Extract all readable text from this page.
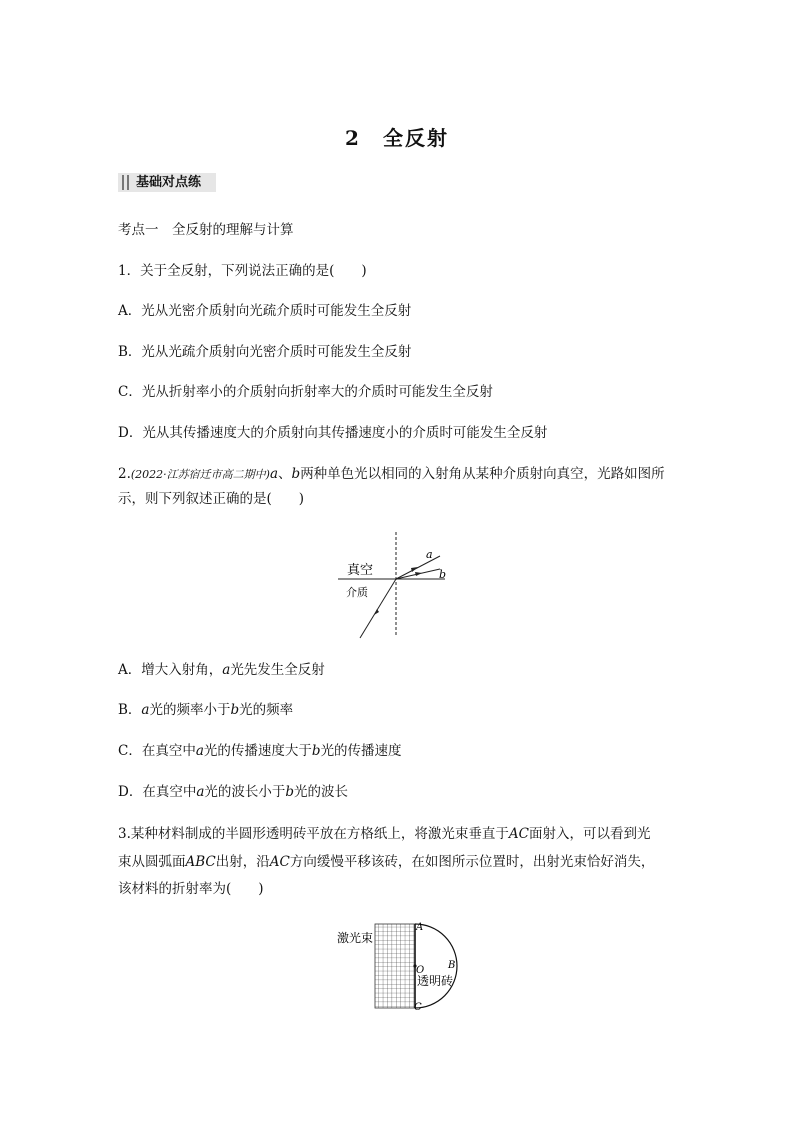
2 全反射
基础对点练
考点一　全反射的理解与计算
1．关于全反射，下列说法正确的是(　　)
A．光从光密介质射向光疏介质时可能发生全反射
B．光从光疏介质射向光密介质时可能发生全反射
C．光从折射率小的介质射向折射率大的介质时可能发生全反射
D．光从其传播速度大的介质射向其传播速度小的介质时可能发生全反射
2.(2022·江苏宿迁市高二期中)a、b两种单色光以相同的入射角从某种介质射向真空，光路如图所示，则下列叙述正确的是(　　)
真空
介质
a
b
A．增大入射角，a光先发生全反射
B．a光的频率小于b光的频率
C．在真空中a光的传播速度大于b光的传播速度
D．在真空中a光的波长小于b光的波长
3.某种材料制成的半圆形透明砖平放在方格纸上，将激光束垂直于AC面射入，可以看到光
束从圆弧面ABC出射，沿AC方向缓慢平移该砖，在如图所示位置时，出射光束恰好消失，
该材料的折射率为(　　)
激光束
A
B
C
O
透明砖
